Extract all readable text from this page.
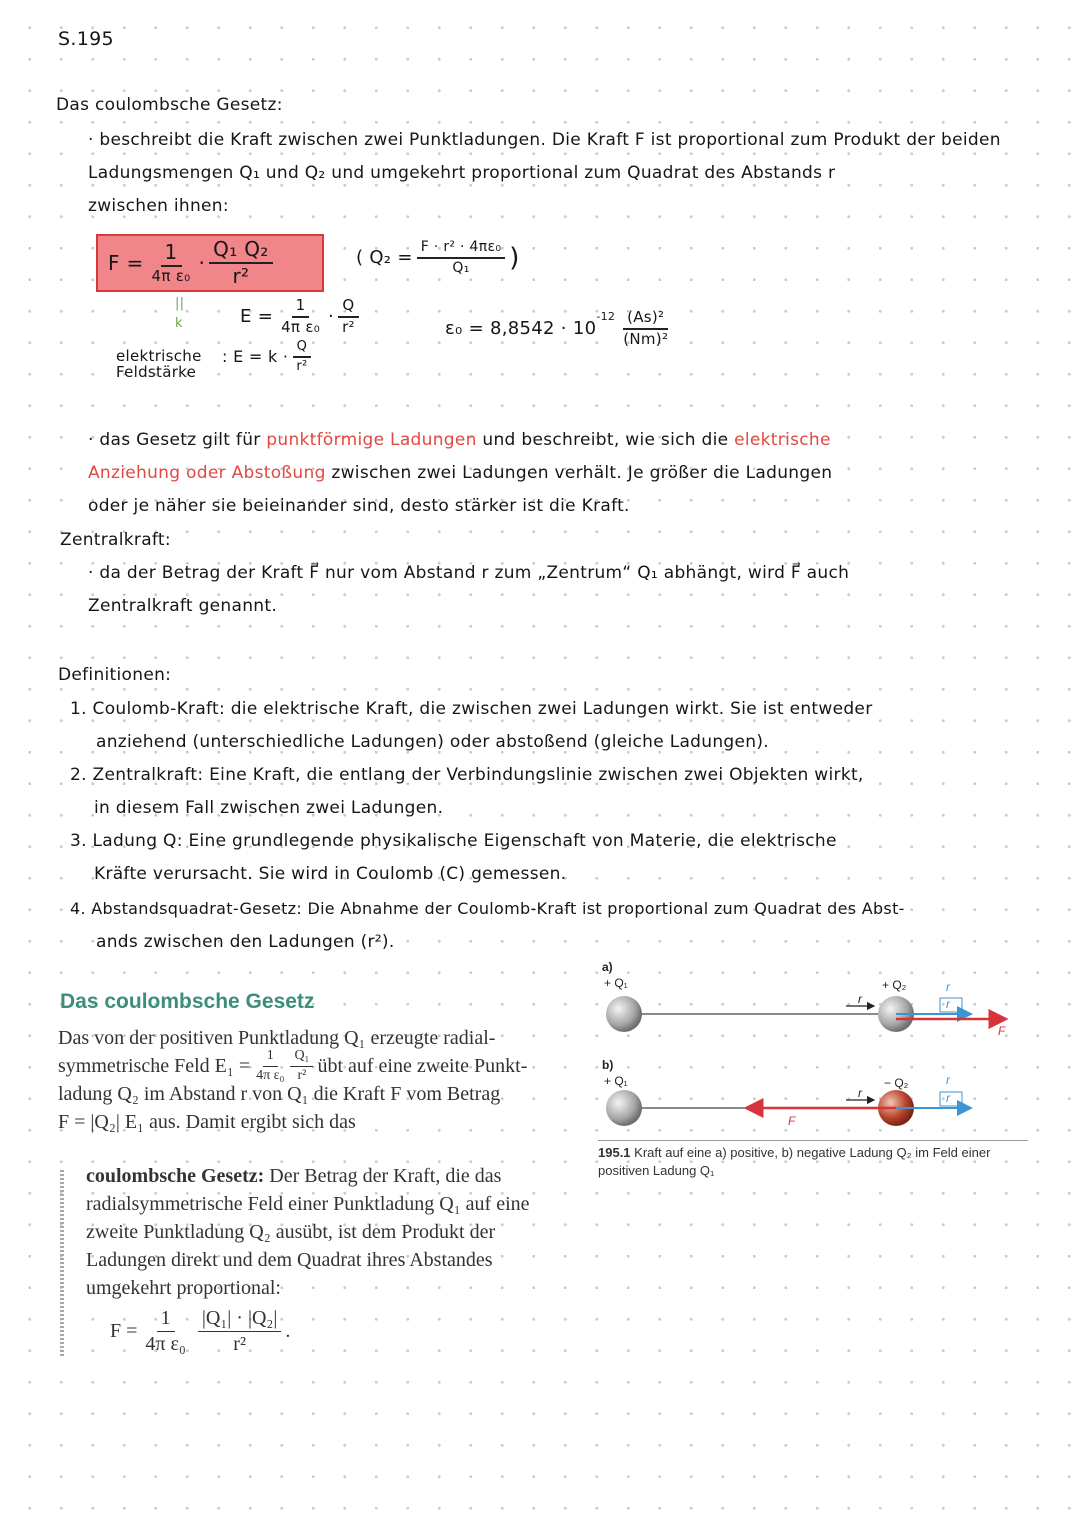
S.195
Das coulombsche Gesetz:
· beschreibt die Kraft zwischen zwei Punktladungen. Die Kraft F ist proportional zum Produkt der beiden
Ladungsmengen Q₁ und Q₂ und umgekehrt proportional zum Quadrat des Abstands r
zwischen ihnen:
$F = \frac{1}{\text{4π ε₀}} \cdot \frac{\text{Q₁ Q₂}}{\text{r²}}$	( $Q_2 = \frac{\text{F · r² · 4πε₀}}{\text{Q₁}}$ )
||
k	$E = \frac{1}{\text{4π ε₀}} \cdot \frac{Q}{\text{r²}}$	ε₀ = 8,8542 · 10
$^{-12} \frac{\text{(As)²}}{\text{(Nm)²}}$
elektrische
Feldstärke
: $E = k \cdot \frac{Q}{\text{r²}}$
· das Gesetz gilt für punktförmige Ladungen und beschreibt, wie sich die elektrische
Anziehung oder Abstoßung zwischen zwei Ladungen verhält. Je größer die Ladungen
oder je näher sie beieinander sind, desto stärker ist die Kraft.
Zentralkraft:
· da der Betrag der Kraft F⃗ nur vom Abstand r zum „Zentrum“ Q₁ abhängt, wird F⃗ auch
Zentralkraft genannt.
Definitionen:
1. Coulomb-Kraft: die elektrische Kraft, die zwischen zwei Ladungen wirkt. Sie ist entweder
anziehend (unterschiedliche Ladungen) oder abstoßend (gleiche Ladungen).
2. Zentralkraft: Eine Kraft, die entlang der Verbindungslinie zwischen zwei Objekten wirkt,
in diesem Fall zwischen zwei Ladungen.
3. Ladung Q: Eine grundlegende physikalische Eigenschaft von Materie, die elektrische
Kräfte verursacht. Sie wird in Coulomb (C) gemessen.
4. Abstandsquadrat-Gesetz: Die Abnahme der Coulomb-Kraft ist proportional zum Quadrat des Abst-
ands zwischen den Ladungen (r²).
Das coulombsche Gesetz
Das von der positiven Punktladung Q₁ erzeugte radial-
symmetrische Feld $E_1 = \frac{1}{\text{4π ε₀}} \frac{\text{Q₁}}{\text{r²}}$ übt auf eine zweite Punkt-
ladung Q₂ im Abstand r von Q₁ die Kraft F vom Betrag
F = |Q₂| E₁ aus. Damit ergibt sich das
coulombsche Gesetz: Der Betrag der Kraft, die das radialsymmetrische Feld einer Punktladung Q₁ auf eine zweite Punktladung Q₂ ausübt, ist dem Produkt der Ladungen direkt und dem Quadrat ihres Abstandes umgekehrt proportional:
$F = \frac{1}{\text{4π ε₀}} \frac{\text{|Q₁| · |Q₂|}}{\text{r²}}$ .
a)
+ Q₁	+ Q₂
b)
+ Q₁	− Q₂
r	r
r
F
r	r
r
F
195.1 Kraft auf eine a) positive, b) negative Ladung Q₂ im Feld einer positiven Ladung Q₁
